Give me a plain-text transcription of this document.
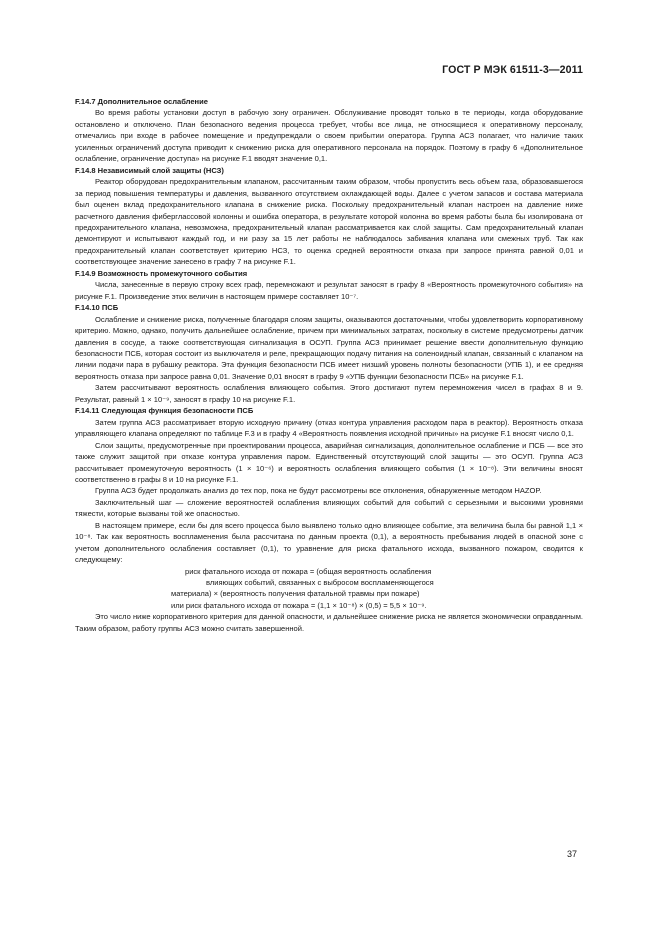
ГОСТ Р МЭК 61511-3—2011

F.14.7 Дополнительное ослабление

Во время работы установки доступ в рабочую зону ограничен. Обслуживание проводят только в те периоды, когда оборудование остановлено и отключено. План безопасного ведения процесса требует, чтобы все лица, не относящиеся к оперативному персоналу, отмечались при входе в рабочее помещение и предупреждали о своем прибытии оператора. Группа АСЗ полагает, что наличие таких усиленных ограничений доступа приводит к снижению риска для оперативного персонала на порядок. Поэтому в графу 6 «Дополнительное ослабление, ограничение доступа» на рисунке F.1 вводят значение 0,1.

F.14.8 Независимый слой защиты (НСЗ)

Реактор оборудован предохранительным клапаном, рассчитанным таким образом, чтобы пропустить весь объем газа, образовавшегося за период повышения температуры и давления, вызванного отсутствием охлаждающей воды. Далее с учетом запасов и состава материала был оценен вклад предохранительного клапана в снижение риска. Поскольку предохранительный клапан настроен на давление ниже расчетного давления фибергласcовой колонны и ошибка оператора, в результате которой колонна во время работы была бы изолирована от предохранительного клапана, невозможна, предохранительный клапан рассматривается как слой защиты. Сам предохранительный клапан демонтируют и испытывают каждый год, и ни разу за 15 лет работы не наблюдалось забивания клапана или смежных труб. Так как предохранительный клапан соответствует критерию НСЗ, то оценка средней вероятности отказа при запросе принята равной 0,01 и соответствующее значение занесено в графу 7 на рисунке F.1.

F.14.9 Возможность промежуточного события

Числа, занесенные в первую строку всех граф, перемножают и результат заносят в графу 8 «Вероятность промежуточного события» на рисунке F.1. Произведение этих величин в настоящем примере составляет 10⁻⁷.

F.14.10 ПСБ

Ослабление и снижение риска, полученные благодаря слоям защиты, оказываются достаточными, чтобы удовлетворить корпоративному критерию. Можно, однако, получить дальнейшее ослабление, причем при минимальных затратах, поскольку в системе предусмотрены датчик давления в сосуде, а также соответствующая сигнализация в ОСУП. Группа АСЗ принимает решение ввести дополнительную функцию безопасности ПСБ, которая состоит из выключателя и реле, прекращающих подачу питания на соленоидный клапан, связанный с клапаном на линии подачи пара в рубашку реактора. Эта функция безопасности ПСБ имеет низший уровень полноты безопасности (УПБ 1), и ее средняя вероятность отказа при запросе равна 0,01. Значение 0,01 вносят в графу 9 «УПБ функции безопасности ПСБ» на рисунке F.1.

Затем рассчитывают вероятность ослабления влияющего события. Этого достигают путем перемножения чисел в графах 8 и 9. Результат, равный 1 × 10⁻⁹, заносят в графу 10 на рисунке F.1.

F.14.11 Следующая функция безопасности ПСБ

Затем группа АСЗ рассматривает вторую исходную причину (отказ контура управления расходом пара в реактор). Вероятность отказа управляющего клапана определяют по таблице F.3 и в графу 4 «Вероятность появления исходной причины» на рисунке F.1 вносят число 0,1.

Слои защиты, предусмотренные при проектировании процесса, аварийная сигнализация, дополнительное ослабление и ПСБ — все это также служит защитой при отказе контура управления паром. Единственный отсутствующий слой защиты — это ОСУП. Группа АСЗ рассчитывает промежуточную вероятность (1 × 10⁻⁶) и вероятность ослабления влияющего события (1 × 10⁻⁸). Эти величины вносят соответственно в графы 8 и 10 на рисунке F.1.

Группа АСЗ будет продолжать анализ до тех пор, пока не будут рассмотрены все отклонения, обнаруженные методом HAZOP.

Заключительный шаг — сложение вероятностей ослабления влияющих событий для событий с серьезными и высокими уровнями тяжести, которые вызваны той же опасностью.

В настоящем примере, если бы для всего процесса было выявлено только одно влияющее событие, эта величина была бы равной 1,1 × 10⁻⁸. Так как вероятность воспламенения была рассчитана по данным проекта (0,1), а вероятность пребывания людей в опасной зоне с учетом дополнительного ослабления составляет (0,1), то уравнение для риска фатального исхода, вызванного пожаром, сводится к следующему:

риск фатального исхода от пожара = (общая вероятность ослабления
влияющих событий, связанных с выбросом воспламеняющегося
материала) × (вероятность получения фатальной травмы при пожаре)
или риск фатального исхода от пожара = (1,1 × 10⁻⁸) × (0,5) = 5,5 × 10⁻⁹.

Это число ниже корпоративного критерия для данной опасности, и дальнейшее снижение риска не является экономически оправданным. Таким образом, работу группы АСЗ можно считать завершенной.

37
